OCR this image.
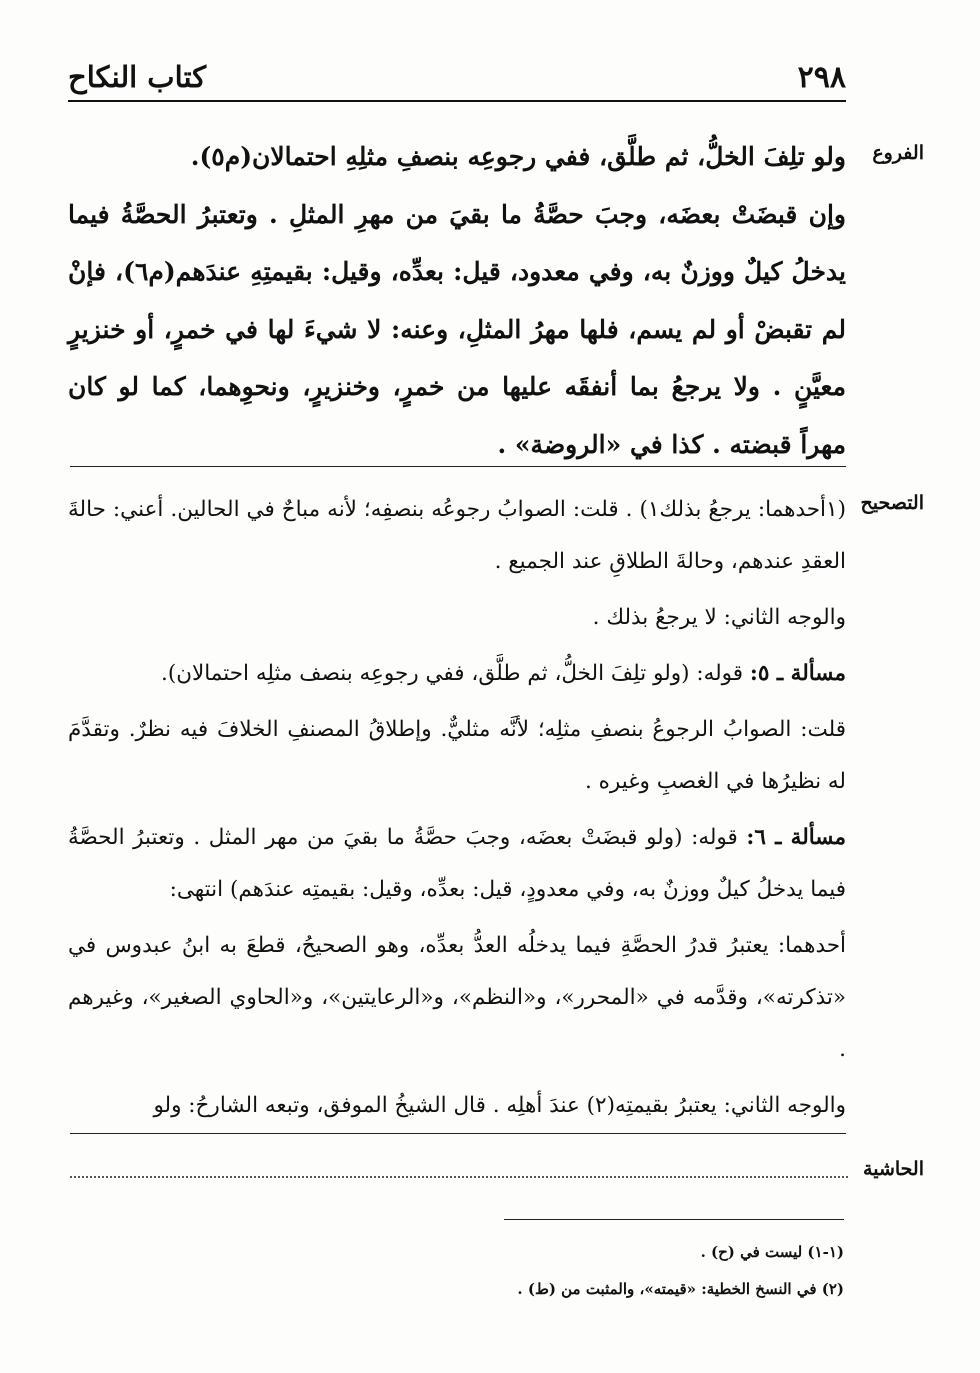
كتاب النكاح	٢٩٨
الفروع

ولو تلِفَ الخلُّ، ثم طلَّق، ففي رجوعِه بنصفِ مثلِهِ احتمالان(م٥).

وإن قبضَتْ بعضَه، وجبَ حصَّةُ ما بقيَ من مهرِ المثلِ . وتعتبرُ الحصَّةُ فيما يدخلُ كيلٌ ووزنٌ به، وفي معدود، قيل: بعدِّه، وقيل: بقيمتِهِ عندَهم(م٦)، فإنْ لم تقبضْ أو لم يسم، فلها مهرُ المثلِ، وعنه: لا شيءَ لها في خمرٍ، أو خنزيرٍ معيَّنٍ . ولا يرجعُ بما أنفقَه عليها من خمرٍ، وخنزيرٍ، ونحوِهما، كما لو كان مهراً قبضته . كذا في «الروضة» .

التصحيح

(١أحدهما: يرجعُ بذلك١) . قلت: الصوابُ رجوعُه بنصفِه؛ لأنه مباحٌ في الحالين. أعني: حالةَ العقدِ عندهم، وحالةَ الطلاقِ عند الجميع .

والوجه الثاني: لا يرجعُ بذلك .

مسألة ـ ٥: قوله: (ولو تلِفَ الخلُّ، ثم طلَّق، ففي رجوعِه بنصف مثلِه احتمالان).

قلت: الصوابُ الرجوعُ بنصفِ مثلِه؛ لأنَّه مثليٌّ. وإطلاقُ المصنفِ الخلافَ فيه نظرٌ. وتقدَّمَ له نظيرُها في الغصبِ وغيره .

مسألة ـ ٦: قوله: (ولو قبضَتْ بعضَه، وجبَ حصَّةُ ما بقيَ من مهر المثل . وتعتبرُ الحصَّةُ فيما يدخلُ كيلٌ ووزنٌ به، وفي معدودٍ، قيل: بعدِّه، وقيل: بقيمتِه عندَهم) انتهى:

أحدهما: يعتبرُ قدرُ الحصَّةِ فيما يدخلُه العدُّ بعدِّه، وهو الصحيحُ، قطعَ به ابنُ عبدوس في «تذكرته»، وقدَّمه في «المحرر»، و«النظم»، و«الرعايتين»، و«الحاوي الصغير»، وغيرهم .

والوجه الثاني: يعتبرُ بقيمتِه(٢) عندَ أهلِه . قال الشيخُ الموفق، وتبعه الشارحُ: ولو

الحاشية

(١-١) ليست في (ح) .

(٢) في النسخ الخطية: «قيمته»، والمثبت من (ط) .
